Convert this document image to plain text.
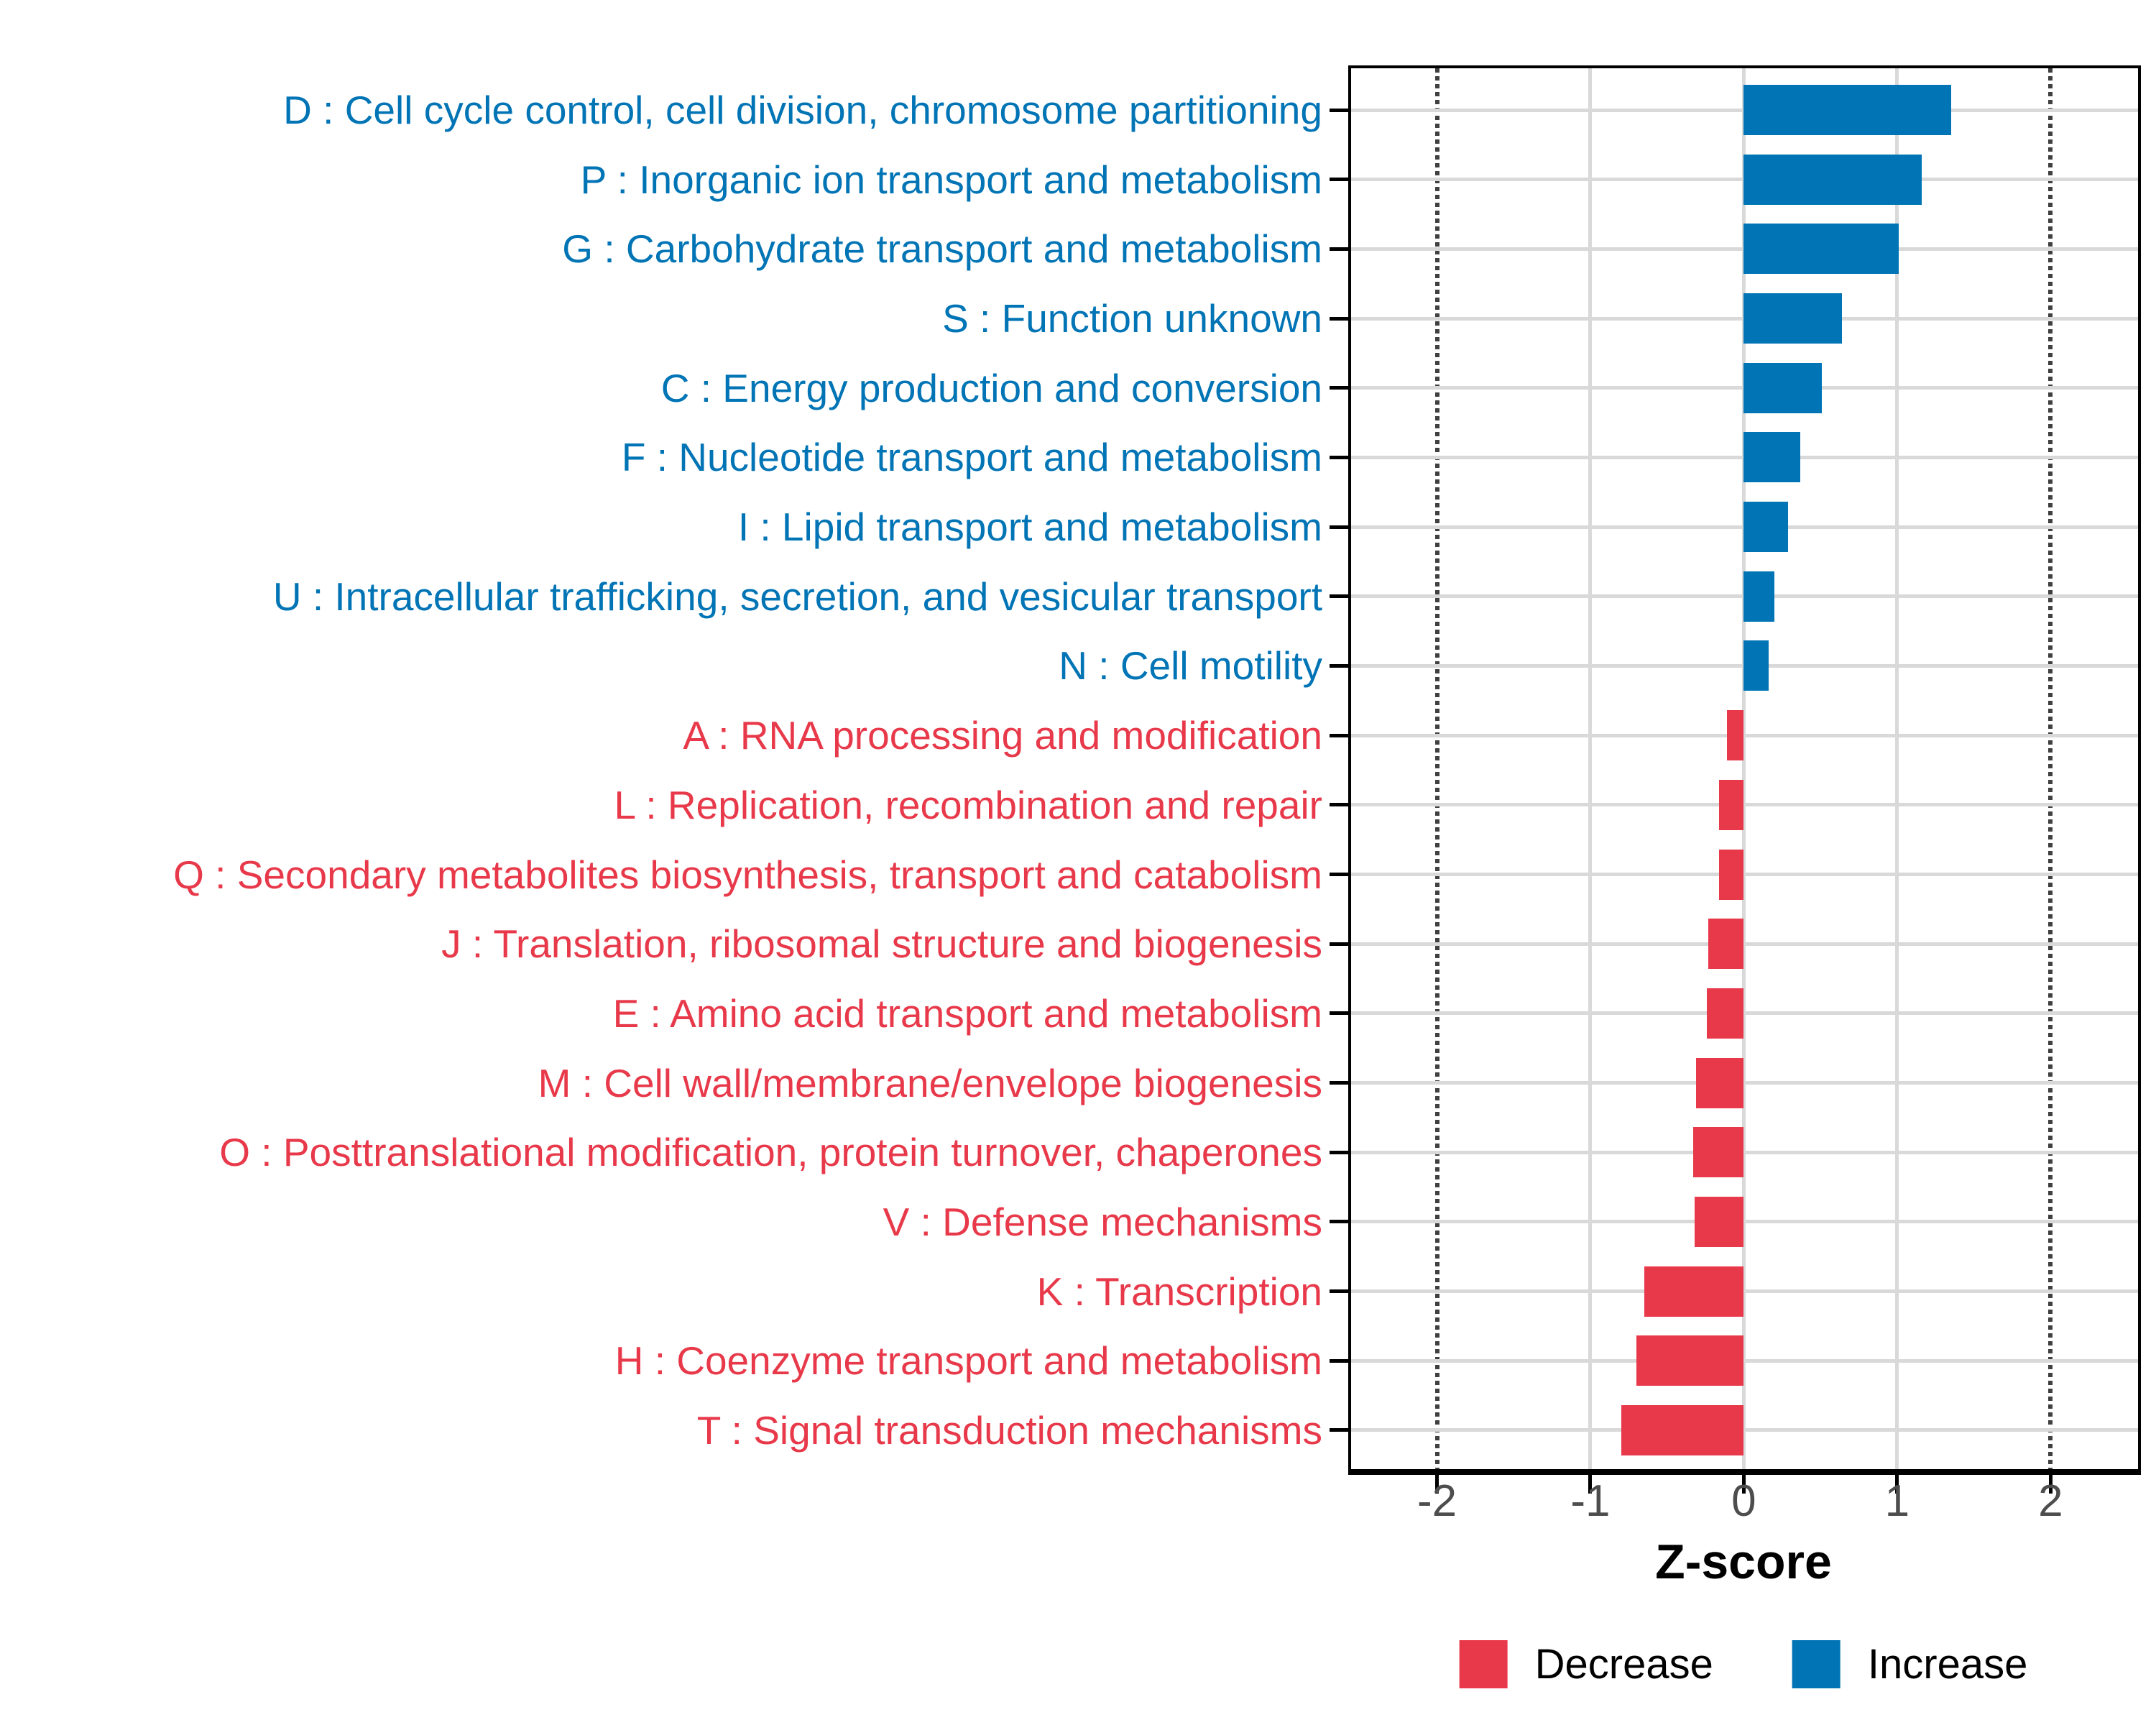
Z-score
Decrease	Increase
D : Cell cycle control, cell division, chromosome partitioning
P : Inorganic ion transport and metabolism
G : Carbohydrate transport and metabolism
S : Function unknown
C : Energy production and conversion
F : Nucleotide transport and metabolism
I : Lipid transport and metabolism
U : Intracellular trafficking, secretion, and vesicular transport
N : Cell motility
A : RNA processing and modification
L : Replication, recombination and repair
Q : Secondary metabolites biosynthesis, transport and catabolism
J : Translation, ribosomal structure and biogenesis
E : Amino acid transport and metabolism
M : Cell wall/membrane/envelope biogenesis
O : Posttranslational modification, protein turnover, chaperones
V : Defense mechanisms
K : Transcription
H : Coenzyme transport and metabolism
T : Signal transduction mechanisms
-2	-1	0	1	2
